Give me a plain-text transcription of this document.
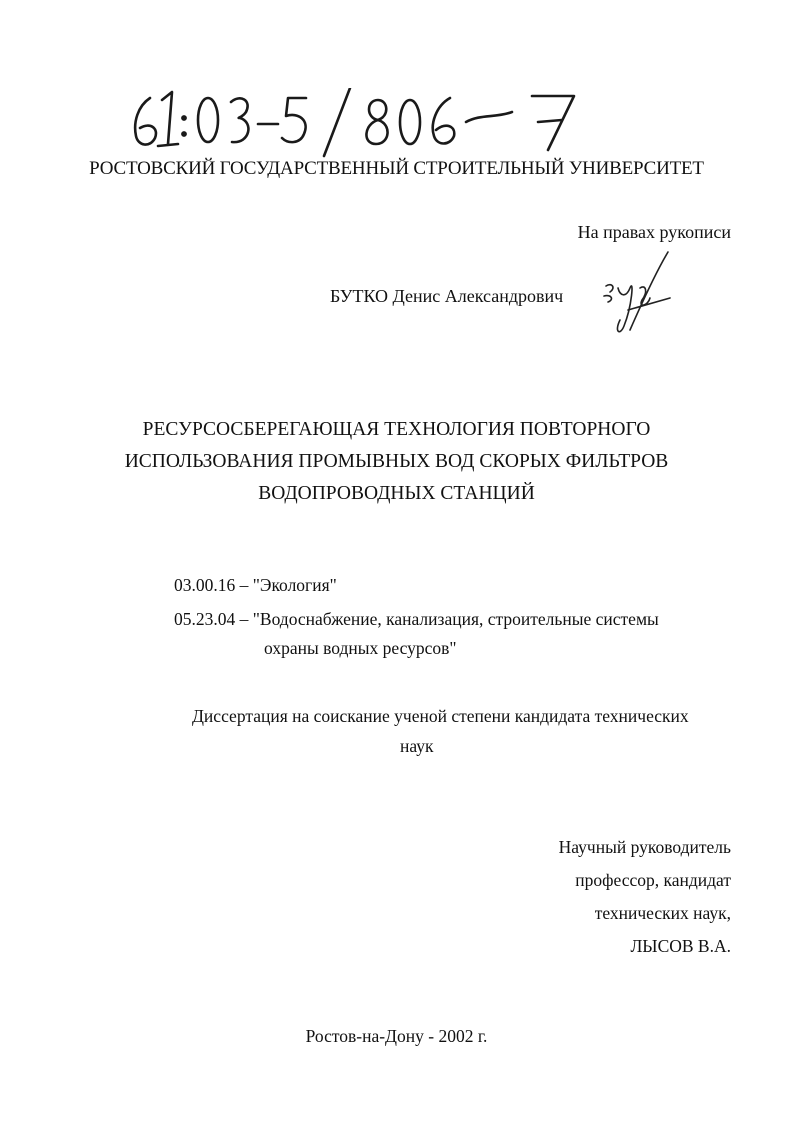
РОСТОВСКИЙ ГОСУДАРСТВЕННЫЙ СТРОИТЕЛЬНЫЙ УНИВЕРСИТЕТ
На правах рукописи
БУТКО Денис Александрович
РЕСУРСОСБЕРЕГАЮЩАЯ ТЕХНОЛОГИЯ ПОВТОРНОГО
ИСПОЛЬЗОВАНИЯ ПРОМЫВНЫХ ВОД СКОРЫХ ФИЛЬТРОВ
ВОДОПРОВОДНЫХ СТАНЦИЙ
03.00.16 – "Экология"
05.23.04 – "Водоснабжение, канализация, строительные системы
охраны водных ресурсов"
Диссертация на соискание ученой степени кандидата технических
наук
Научный руководитель
профессор, кандидат
технических наук,
ЛЫСОВ В.А.
Ростов-на-Дону - 2002 г.
